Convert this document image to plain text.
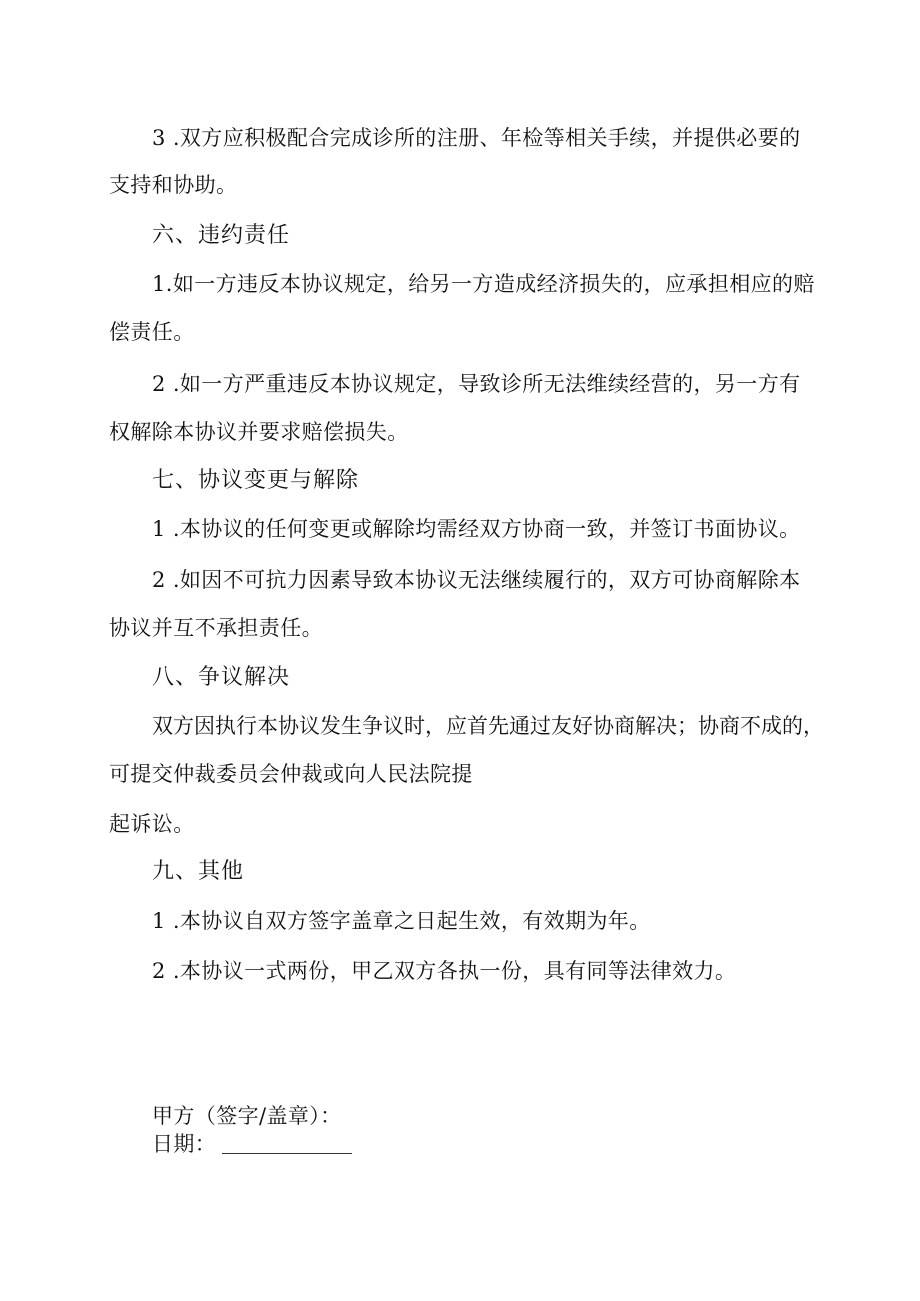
3 .双方应积极配合完成诊所的注册、年检等相关手续，并提供必要的
支持和协助。
六、违约责任
1.如一方违反本协议规定，给另一方造成经济损失的，应承担相应的赔
偿责任。
2 .如一方严重违反本协议规定，导致诊所无法维续经营的，另一方有
权解除本协议并要求赔偿损失。
七、协议变更与解除
1 .本协议的任何变更或解除均需经双方协商一致，并签订书面协议。
2 .如因不可抗力因素导致本协议无法继续履行的，双方可协商解除本
协议并互不承担责任。
八、争议解决
双方因执行本协议发生争议时，应首先通过友好协商解决；协商不成的，
可提交仲裁委员会仲裁或向人民法院提
起诉讼。
九、其他
1 .本协议自双方签字盖章之日起生效，有效期为年。
2 .本协议一式两份，甲乙双方各执一份，具有同等法律效力。
甲方（签字/盖章）：
日期：
